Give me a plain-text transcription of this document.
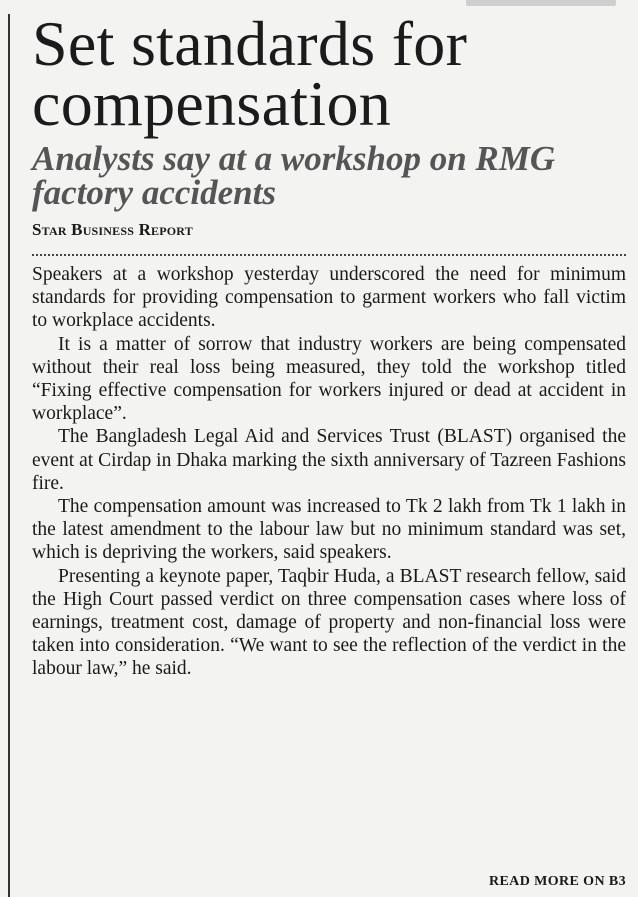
Set standards for compensation
Analysts say at a workshop on RMG factory accidents
Star Business Report

Speakers at a workshop yesterday underscored the need for minimum standards for providing compensation to garment workers who fall victim to workplace accidents.

It is a matter of sorrow that industry workers are being compensated without their real loss being measured, they told the workshop titled “Fixing effective compensation for workers injured or dead at accident in workplace”.

The Bangladesh Legal Aid and Services Trust (BLAST) organised the event at Cirdap in Dhaka marking the sixth anniversary of Tazreen Fashions fire.

The compensation amount was increased to Tk 2 lakh from Tk 1 lakh in the latest amendment to the labour law but no minimum standard was set, which is depriving the workers, said speakers.

Presenting a keynote paper, Taqbir Huda, a BLAST research fellow, said the High Court passed verdict on three compensation cases where loss of earnings, treatment cost, damage of property and non-financial loss were taken into consideration. “We want to see the reflection of the verdict in the labour law,” he said.

READ MORE ON B3
